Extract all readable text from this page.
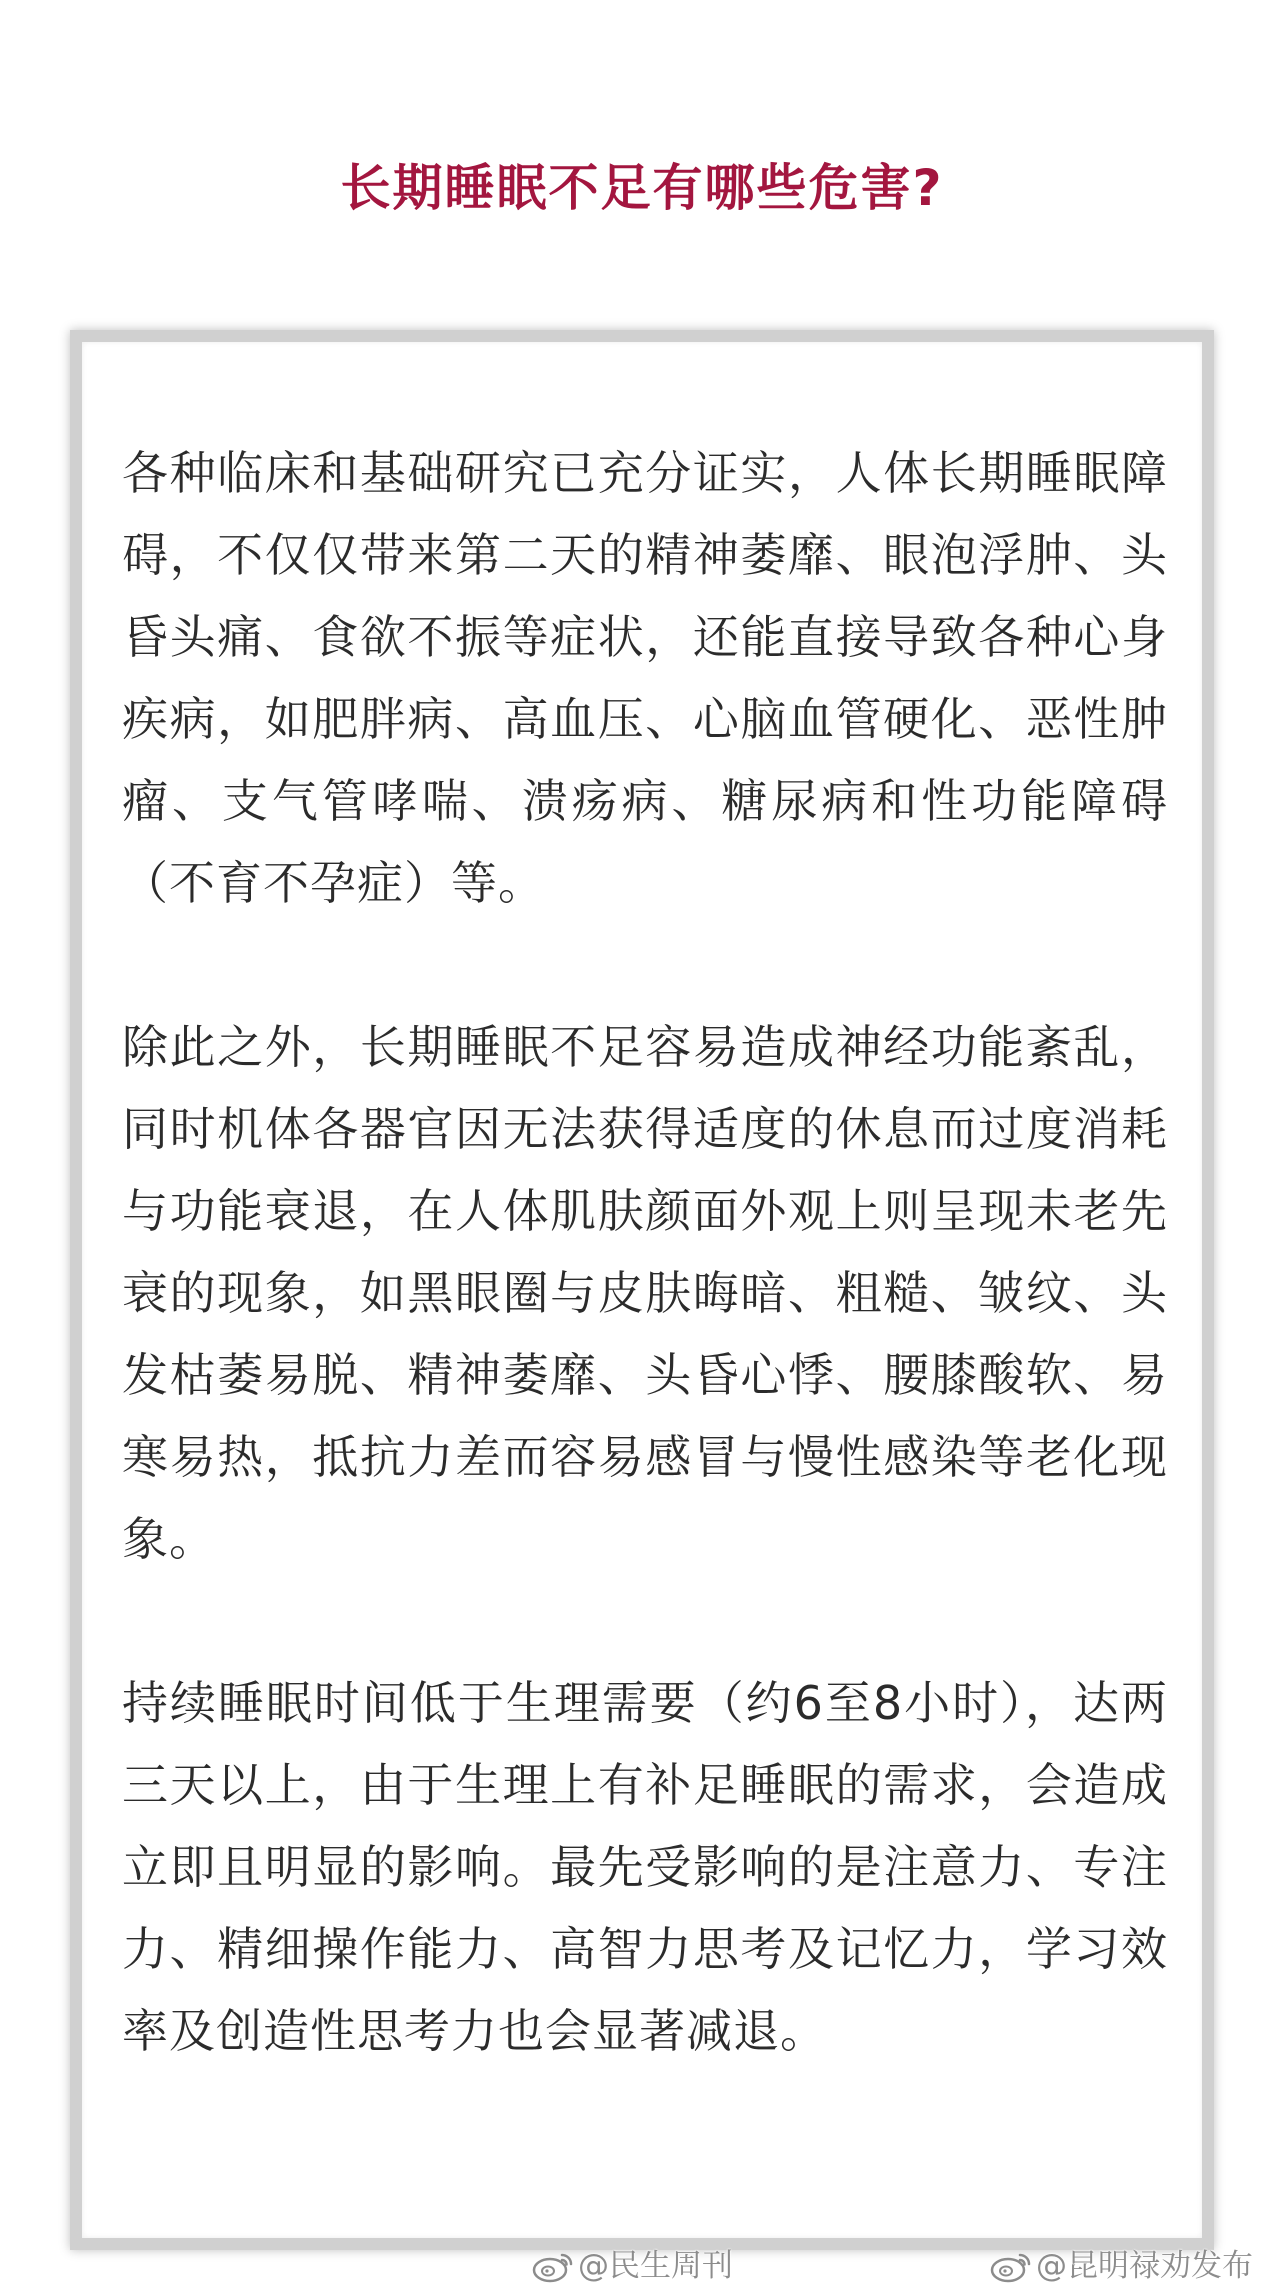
长期睡眠不足有哪些危害?

各种临床和基础研究已充分证实，人体长期睡眠障碍，不仅仅带来第二天的精神萎靡、眼泡浮肿、头昏头痛、食欲不振等症状，还能直接导致各种心身疾病，如肥胖病、高血压、心脑血管硬化、恶性肿瘤、支气管哮喘、溃疡病、糖尿病和性功能障碍（不育不孕症）等。

除此之外，长期睡眠不足容易造成神经功能紊乱，同时机体各器官因无法获得适度的休息而过度消耗与功能衰退，在人体肌肤颜面外观上则呈现未老先衰的现象，如黑眼圈与皮肤晦暗、粗糙、皱纹、头发枯萎易脱、精神萎靡、头昏心悸、腰膝酸软、易寒易热，抵抗力差而容易感冒与慢性感染等老化现象。

持续睡眠时间低于生理需要（约6至8小时），达两三天以上，由于生理上有补足睡眠的需求，会造成立即且明显的影响。最先受影响的是注意力、专注力、精细操作能力、高智力思考及记忆力，学习效率及创造性思考力也会显著减退。

@民生周刊	@昆明禄劝发布
